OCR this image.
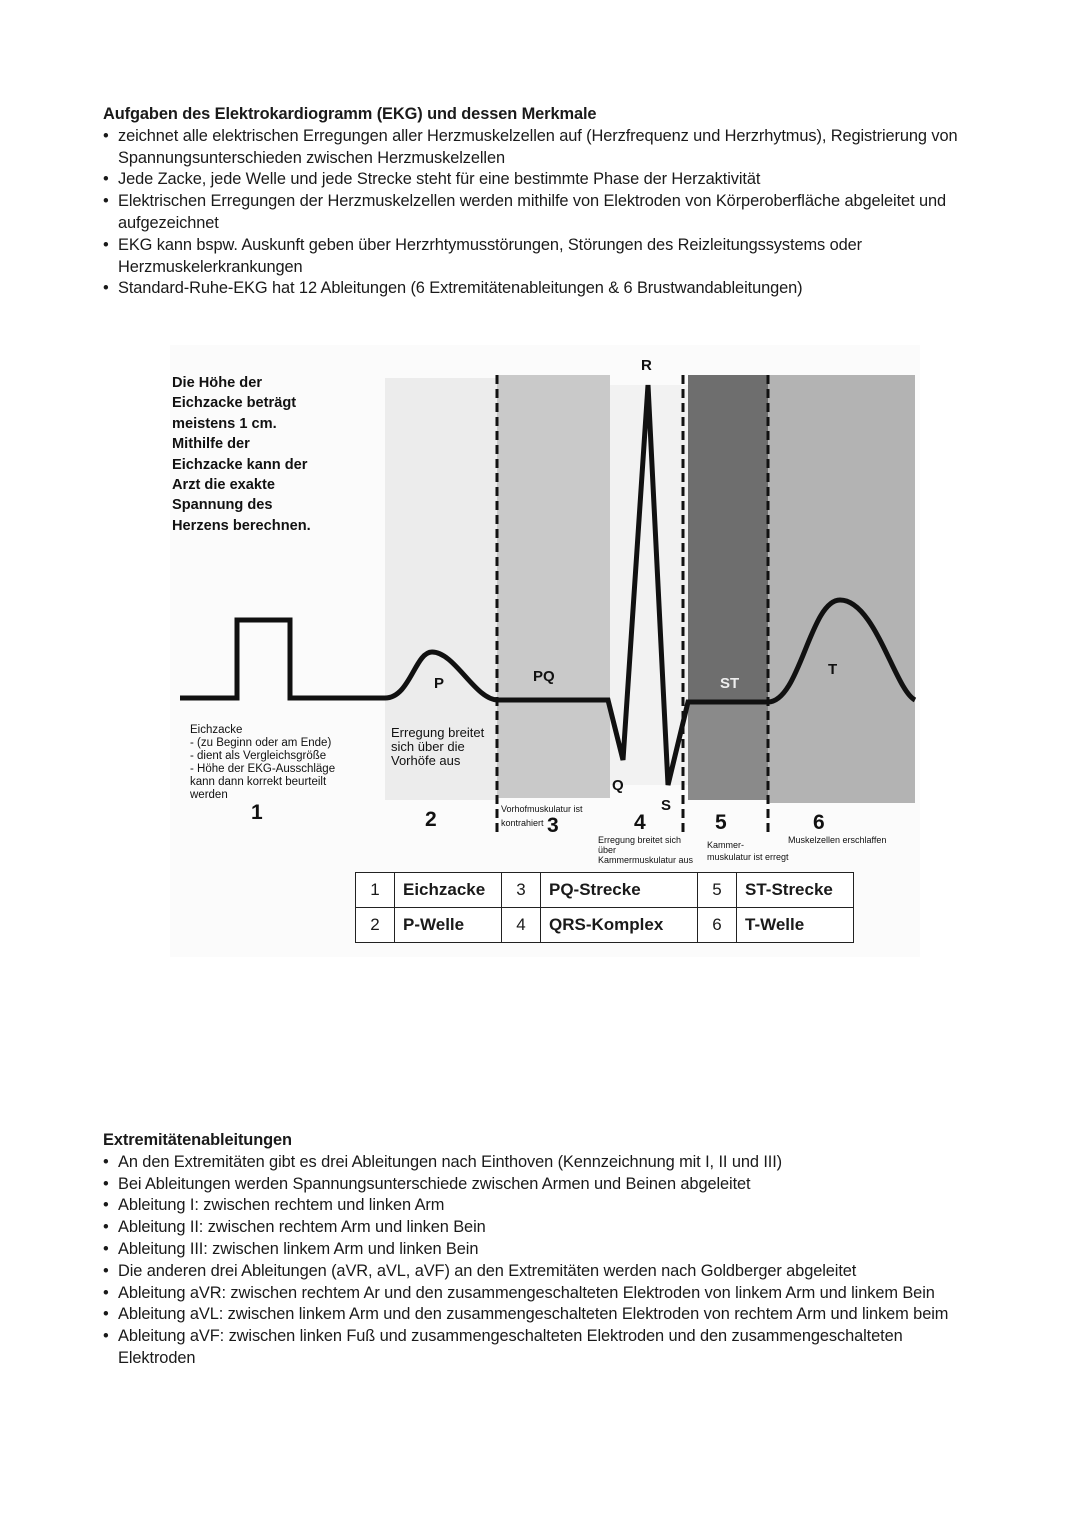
Aufgaben des Elektrokardiogramm (EKG) und dessen Merkmale
• zeichnet alle elektrischen Erregungen aller Herzmuskelzellen auf (Herzfrequenz und Herzrhytmus), Registrierung von Spannungsunterschieden zwischen Herzmuskelzellen
• Jede Zacke, jede Welle und jede Strecke steht für eine bestimmte Phase der Herzaktivität
• Elektrischen Erregungen der Herzmuskelzellen werden mithilfe von Elektroden von Körperoberfläche abgeleitet und aufgezeichnet
• EKG kann bspw. Auskunft geben über Herzrhtymusstörungen, Störungen des Reizleitungssystems oder Herzmuskelerkrankungen
• Standard-Ruhe-EKG hat 12 Ableitungen (6 Extremitätenableitungen & 6 Brustwandableitungen)
Die Höhe der Eichzacke beträgt meistens 1 cm. Mithilfe der Eichzacke kann der Arzt die exakte Spannung des Herzens berechnen.
R
P	PQ
Q
S
ST
T
Eichzacke
- (zu Beginn oder am Ende)
- dient als Vergleichsgröße
- Höhe der EKG-Ausschläge
kann dann korrekt beurteilt
werden
Erregung breitet
sich über die
Vorhöfe aus
Vorhofmuskulatur ist
kontrahiert
Erregung breitet sich
über
Kammermuskulatur aus
Kammer-
muskulatur ist erregt
Muskelzellen erschlaffen
1	2	3	4	5	6
1	Eichzacke	3	PQ-Strecke	5	ST-Strecke
2	P-Welle	4	QRS-Komplex	6	T-Welle
Extremitätenableitungen
• An den Extremitäten gibt es drei Ableitungen nach Einthoven (Kennzeichnung mit I, II und III)
• Bei Ableitungen werden Spannungsunterschiede zwischen Armen und Beinen abgeleitet
• Ableitung I: zwischen rechtem und linken Arm
• Ableitung II: zwischen rechtem Arm und linken Bein
• Ableitung III: zwischen linkem Arm und linken Bein
• Die anderen drei Ableitungen (aVR, aVL, aVF) an den Extremitäten werden nach Goldberger abgeleitet
• Ableitung aVR: zwischen rechtem Ar und den zusammengeschalteten Elektroden von linkem Arm und linkem Bein
• Ableitung aVL: zwischen linkem Arm und den zusammengeschalteten Elektroden von rechtem Arm und linkem beim
• Ableitung aVF: zwischen linken Fuß und zusammengeschalteten Elektroden und den zusammengeschalteten Elektroden
